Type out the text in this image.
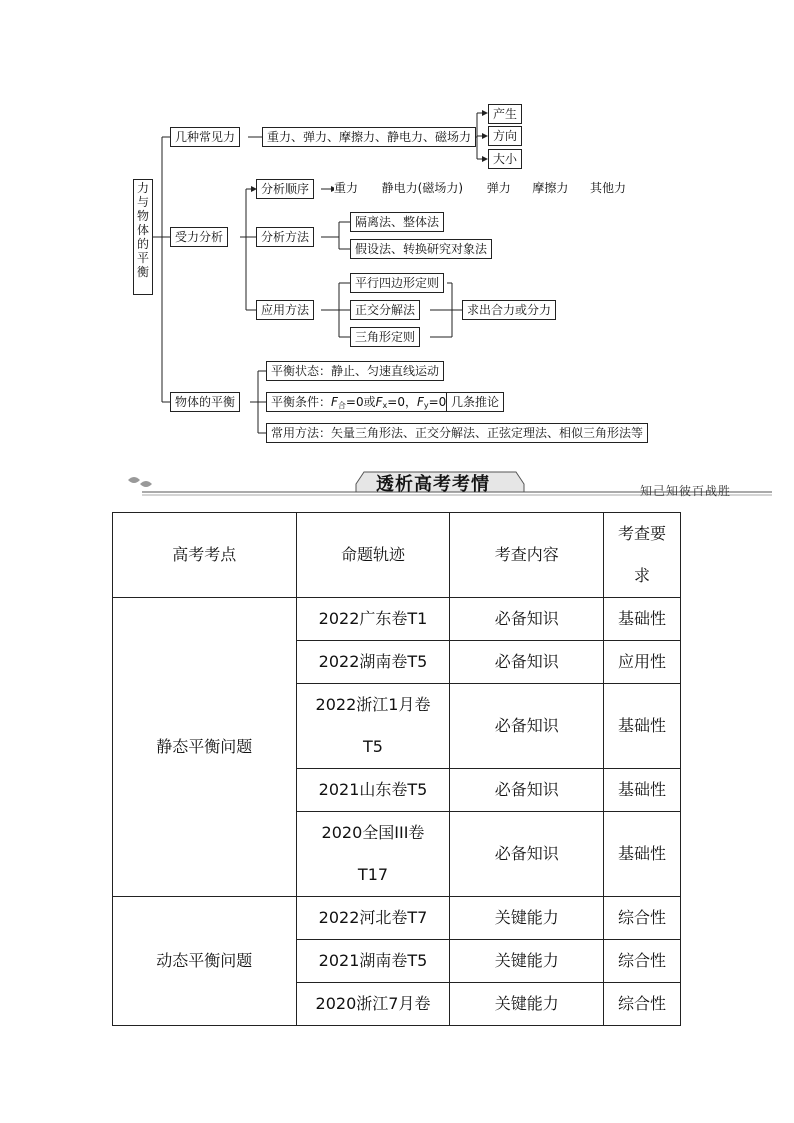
力
与
物
体
的
平
衡
几种常见力	重力、弹力、摩擦力、静电力、磁场力
产生
方向
大小
受力分析
分析顺序	重力 静电力(磁场力) 弹力 摩擦力 其他力
分析方法
隔离法、整体法
假设法、转换研究对象法
应用方法
平行四边形定则
正交分解法
三角形定则
求出合力或分力
物体的平衡
平衡状态：静止、匀速直线运动
平衡条件：$F_合=0$或$F_x=0$，$F_y=0$ 几条推论
常用方法：矢量三角形法、正交分解法、正弦定理法、相似三角形法等
透析高考考情	知己知彼百战胜
高考考点	命题轨迹	考查内容	考查要求
静态平衡问题	2022广东卷T1	必备知识	基础性
	2022湖南卷T5	必备知识	应用性
	2022浙江1月卷T5	必备知识	基础性
	2021山东卷T5	必备知识	基础性
	2020全国III卷T17	必备知识	基础性
动态平衡问题	2022河北卷T7	关键能力	综合性
	2021湖南卷T5	关键能力	综合性
	2020浙江7月卷	关键能力	综合性
